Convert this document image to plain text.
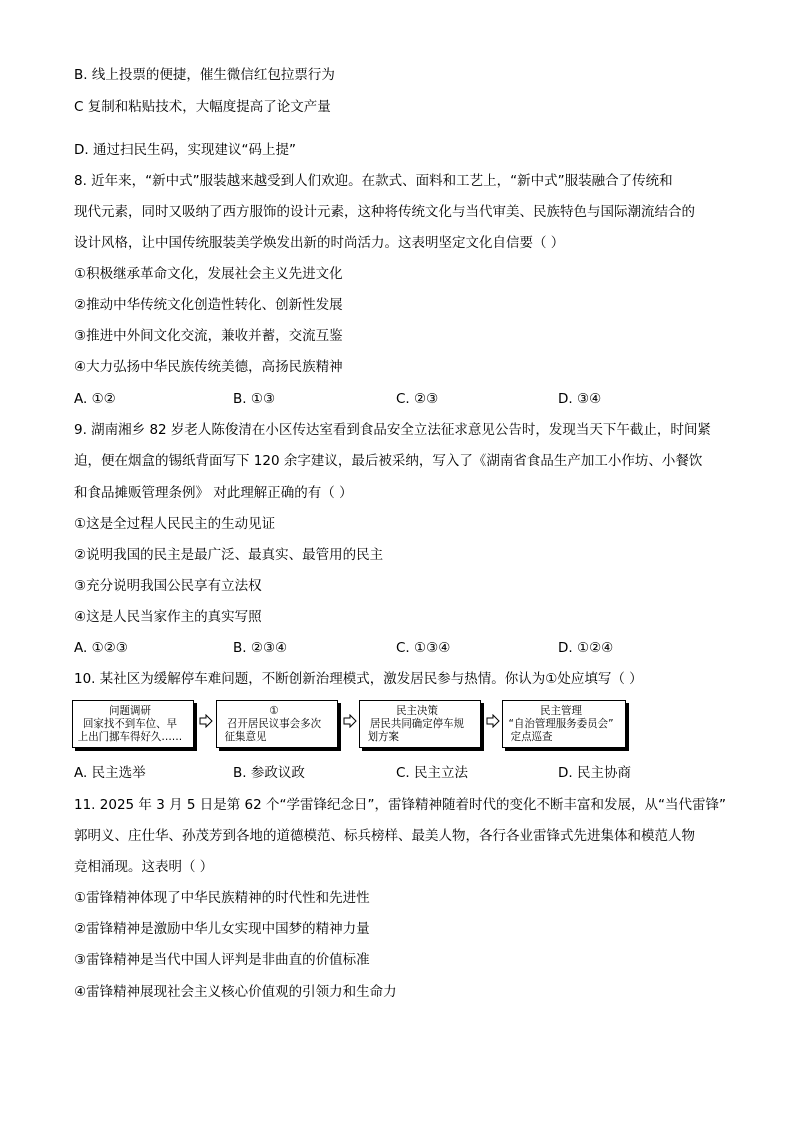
B. 线上投票的便捷，催生微信红包拉票行为
C 复制和粘贴技术，大幅度提高了论文产量
D. 通过扫民生码，实现建议“码上提”
8. 近年来，“新中式”服装越来越受到人们欢迎。在款式、面料和工艺上，“新中式”服装融合了传统和
现代元素，同时又吸纳了西方服饰的设计元素，这种将传统文化与当代审美、民族特色与国际潮流结合的
设计风格，让中国传统服装美学焕发出新的时尚活力。这表明坚定文化自信要（ ）
①积极继承革命文化，发展社会主义先进文化
②推动中华传统文化创造性转化、创新性发展
③推进中外间文化交流，兼收并蓄，交流互鉴
④大力弘扬中华民族传统美德，高扬民族精神
A. ①②	B. ①③	C. ②③	D. ③④
9. 湖南湘乡 82 岁老人陈俊清在小区传达室看到食品安全立法征求意见公告时，发现当天下午截止，时间紧
迫，便在烟盒的锡纸背面写下 120 余字建议，最后被采纳，写入了《湖南省食品生产加工小作坊、小餐饮
和食品摊贩管理条例》 对此理解正确的有（ ）
①这是全过程人民民主的生动见证
②说明我国的民主是最广泛、最真实、最管用的民主
③充分说明我国公民享有立法权
④这是人民当家作主的真实写照
A. ①②③	B. ②③④	C. ①③④	D. ①②④
10. 某社区为缓解停车难问题，不断创新治理模式，激发居民参与热情。你认为①处应填写（ ）
问题调研
回家找不到车位、早
上出门挪车得好久……
①
召开居民议事会多次
征集意见
民主决策
居民共同确定停车规
划方案
民主管理
“自治管理服务委员会”
定点巡查
A. 民主选举	B. 参政议政	C. 民主立法	D. 民主协商
11. 2025 年 3 月 5 日是第 62 个“学雷锋纪念日”，雷锋精神随着时代的变化不断丰富和发展，从“当代雷锋”
郭明义、庄仕华、孙茂芳到各地的道德模范、标兵榜样、最美人物，各行各业雷锋式先进集体和模范人物
竞相涌现。这表明（ ）
①雷锋精神体现了中华民族精神的时代性和先进性
②雷锋精神是激励中华儿女实现中国梦的精神力量
③雷锋精神是当代中国人评判是非曲直的价值标准
④雷锋精神展现社会主义核心价值观的引领力和生命力
